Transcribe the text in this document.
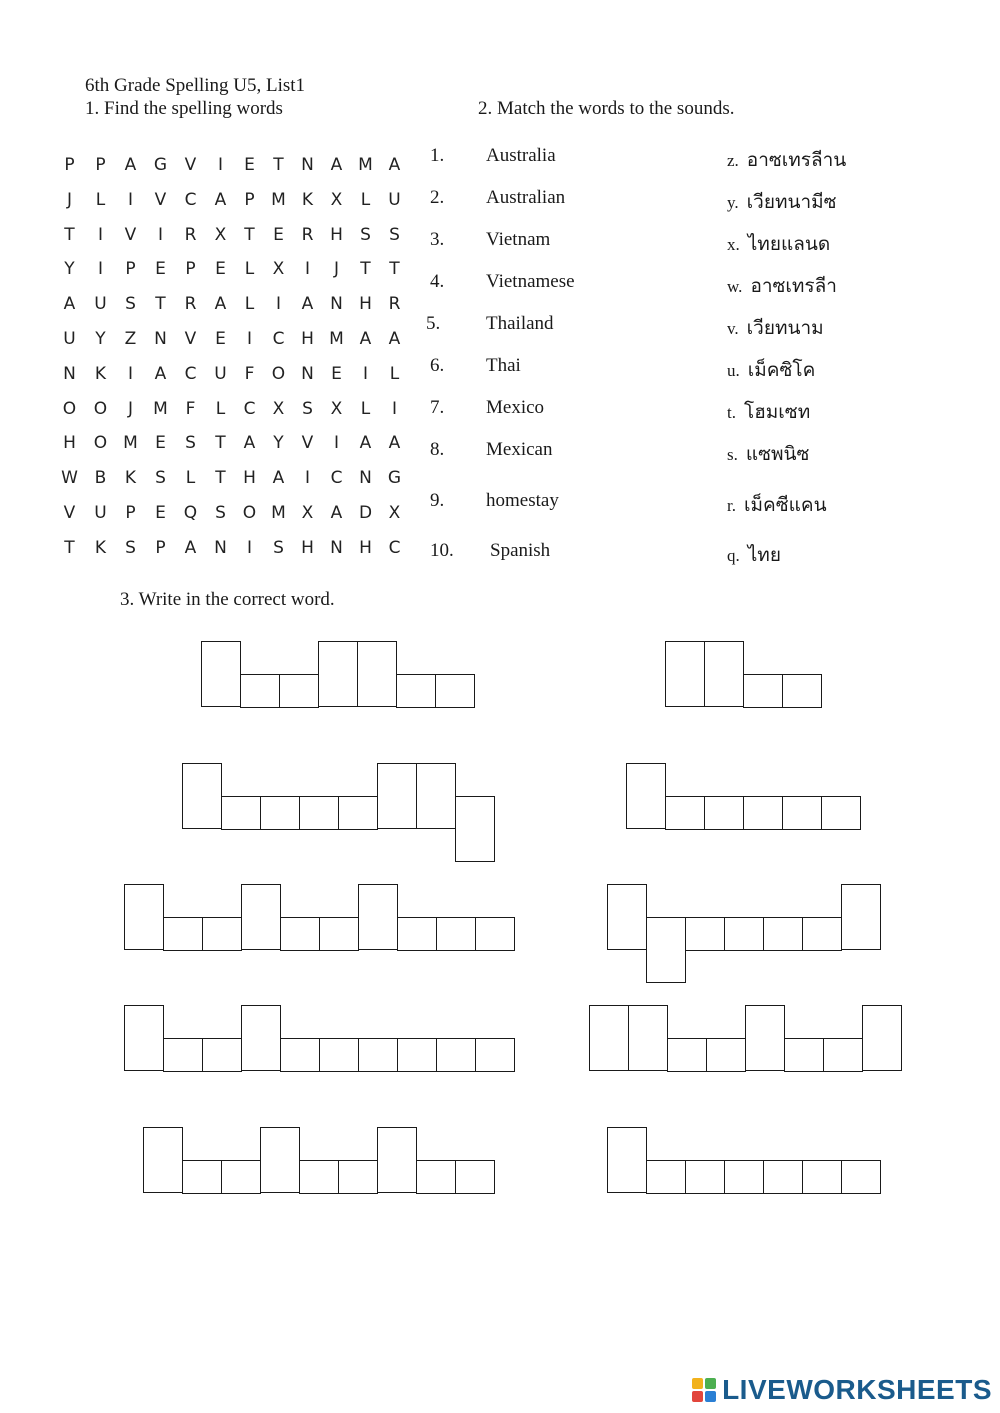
6th Grade Spelling U5, List1
1. Find the spelling words	2. Match the words to the sounds.
3. Write in the correct word.
P	P	A	G	V	I	E	T	N A M A
J	L	I	V	C	A	P M K	X	L	U
T	I	V	I	R	X	T	E	R H	S	S
Y	I	P	E	P	E	L	X	I	J	T	T
A	U	S	T	R	A	L	I	A N H R
U	Y	Z	N	V	E	I	C H M A	A
N	K	I	A	C	U	F	O N	E	I	L
O	O	J	M	F	L	C	X	S	X	L	I
H	O M	E	S	T	A	Y	V	I	A	A
W B	K	S	L	T	H A	I	C N G
V	U	P	E	Q	S O M X	A D X
T	K	S	P	A	N	I	S	H N H C
1. Australia	z. อาซเทรลีาน
2. Australian	y. เวียทนามีซ
3. Vietnam	x. ไทยแลนด
4. Vietnamese	w. อาซเทรลีา
5. Thailand	v. เวียทนาม
6. Thai	u. เม็คซิโค
7. Mexico	t. โฮมเซท
8. Mexican	s. แซพนิซ
9. homestay	r. เม็คซีแคน
10. Spanish	q. ไทย
LIVEWORKSHEETS
